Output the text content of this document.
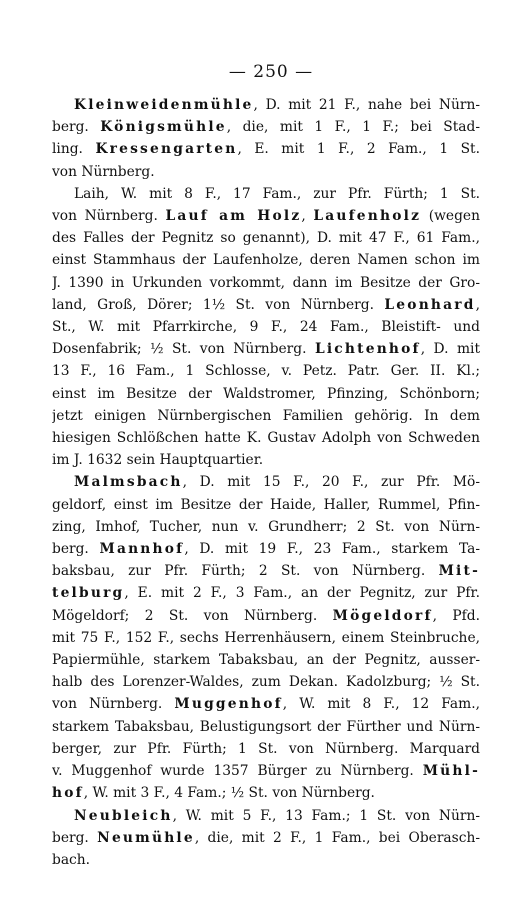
— 250 —
Kleinweidenmühle, D. mit 21 F., nahe bei Nürn-
berg. Königsmühle, die, mit 1 F., 1 F.; bei Stad-
ling. Kressengarten, E. mit 1 F., 2 Fam., 1 St.
von Nürnberg.
Laih, W. mit 8 F., 17 Fam., zur Pfr. Fürth; 1 St.
von Nürnberg. Lauf am Holz, Laufenholz (wegen
des Falles der Pegnitz so genannt), D. mit 47 F., 61 Fam.,
einst Stammhaus der Laufenholze, deren Namen schon im
J. 1390 in Urkunden vorkommt, dann im Besitze der Gro-
land, Groß, Dörer; 1½ St. von Nürnberg. Leonhard,
St., W. mit Pfarrkirche, 9 F., 24 Fam., Bleistift- und
Dosenfabrik; ½ St. von Nürnberg. Lichtenhof, D. mit
13 F., 16 Fam., 1 Schlosse, v. Petz. Patr. Ger. II. Kl.;
einst im Besitze der Waldstromer, Pfinzing, Schönborn;
jetzt einigen Nürnbergischen Familien gehörig. In dem
hiesigen Schlößchen hatte K. Gustav Adolph von Schweden
im J. 1632 sein Hauptquartier.
Malmsbach, D. mit 15 F., 20 F., zur Pfr. Mö-
geldorf, einst im Besitze der Haide, Haller, Rummel, Pfin-
zing, Imhof, Tucher, nun v. Grundherr; 2 St. von Nürn-
berg. Mannhof, D. mit 19 F., 23 Fam., starkem Ta-
baksbau, zur Pfr. Fürth; 2 St. von Nürnberg. Mit-
telburg, E. mit 2 F., 3 Fam., an der Pegnitz, zur Pfr.
Mögeldorf; 2 St. von Nürnberg. Mögeldorf, Pfd.
mit 75 F., 152 F., sechs Herrenhäusern, einem Steinbruche,
Papiermühle, starkem Tabaksbau, an der Pegnitz, ausser-
halb des Lorenzer-Waldes, zum Dekan. Kadolzburg; ½ St.
von Nürnberg. Muggenhof, W. mit 8 F., 12 Fam.,
starkem Tabaksbau, Belustigungsort der Fürther und Nürn-
berger, zur Pfr. Fürth; 1 St. von Nürnberg. Marquard
v. Muggenhof wurde 1357 Bürger zu Nürnberg. Mühl-
hof, W. mit 3 F., 4 Fam.; ½ St. von Nürnberg.
Neubleich, W. mit 5 F., 13 Fam.; 1 St. von Nürn-
berg. Neumühle, die, mit 2 F., 1 Fam., bei Oberasch-
bach.
